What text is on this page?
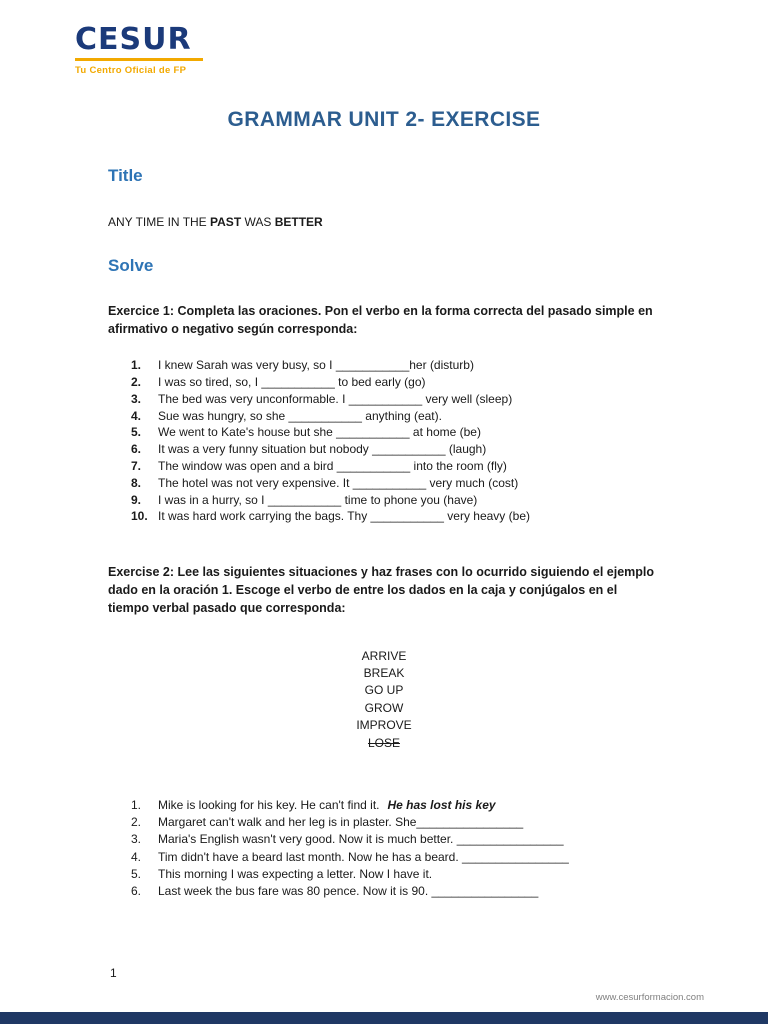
CESUR
Tu Centro Oficial de FP
GRAMMAR UNIT 2- EXERCISE
Title

ANY TIME IN THE PAST WAS BETTER

Solve

Exercice 1: Completa las oraciones. Pon el verbo en la forma correcta del pasado simple en afirmativo o negativo según corresponda:

1.	I knew Sarah was very busy, so I ___________her (disturb)
2.	I was so tired, so, I ___________ to bed early (go)
3.	The bed was very unconformable. I ___________ very well (sleep)
4.	Sue was hungry, so she ___________ anything (eat).
5.	We went to Kate's house but she ___________ at home (be)
6.	It was a very funny situation but nobody ___________ (laugh)
7.	The window was open and a bird ___________ into the room (fly)
8.	The hotel was not very expensive. It ___________ very much (cost)
9.	I was in a hurry, so I ___________ time to phone you (have)
10. It was hard work carrying the bags. Thy ___________ very heavy (be)

Exercise 2: Lee las siguientes situaciones y haz frases con lo ocurrido siguiendo el ejemplo dado en la oración 1. Escoge el verbo de entre los dados en la caja y conjúgalos en el tiempo verbal pasado que corresponda:

ARRIVE
BREAK
GO UP
GROW
IMPROVE
LOSE
1.	Mike is looking for his key. He can't find it. He has lost his key
2.	Margaret can't walk and her leg is in plaster. She________________
3.	Maria's English wasn't very good. Now it is much better. ________________
4.	Tim didn't have a beard last month. Now he has a beard. ________________
5.	This morning I was expecting a letter. Now I have it.
6.	Last week the bus fare was 80 pence. Now it is 90. ________________
1
www.cesurformacion.com
